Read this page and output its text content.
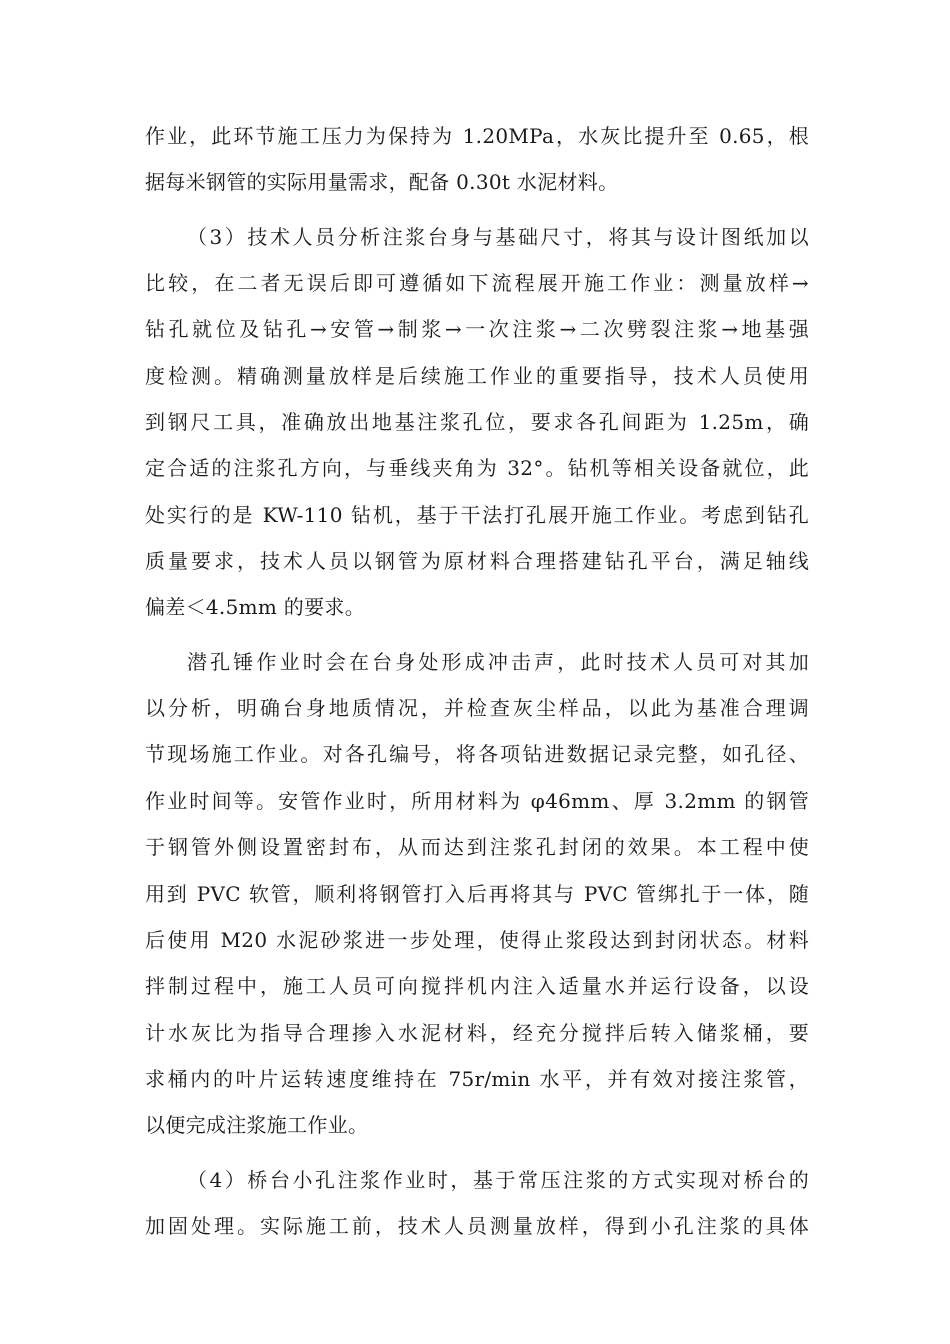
作业，此环节施工压力为保持为 1.20MPa，水灰比提升至 0.65，根
据每米钢管的实际用量需求，配备 0.30t 水泥材料。
（3）技术人员分析注浆台身与基础尺寸，将其与设计图纸加以
比较，在二者无误后即可遵循如下流程展开施工作业：测量放样→
钻孔就位及钻孔→安管→制浆→一次注浆→二次劈裂注浆→地基强
度检测。精确测量放样是后续施工作业的重要指导，技术人员使用
到钢尺工具，准确放出地基注浆孔位，要求各孔间距为 1.25m，确
定合适的注浆孔方向，与垂线夹角为 32°。钻机等相关设备就位，此
处实行的是 KW-110 钻机，基于干法打孔展开施工作业。考虑到钻孔
质量要求，技术人员以钢管为原材料合理搭建钻孔平台，满足轴线
偏差＜4.5mm 的要求。
潜孔锤作业时会在台身处形成冲击声，此时技术人员可对其加
以分析，明确台身地质情况，并检查灰尘样品，以此为基准合理调
节现场施工作业。对各孔编号，将各项钻进数据记录完整，如孔径、
作业时间等。安管作业时，所用材料为 φ46mm、厚 3.2mm 的钢管
于钢管外侧设置密封布，从而达到注浆孔封闭的效果。本工程中使
用到 PVC 软管，顺利将钢管打入后再将其与 PVC 管绑扎于一体，随
后使用 M20 水泥砂浆进一步处理，使得止浆段达到封闭状态。材料
拌制过程中，施工人员可向搅拌机内注入适量水并运行设备，以设
计水灰比为指导合理掺入水泥材料，经充分搅拌后转入储浆桶，要
求桶内的叶片运转速度维持在 75r/min 水平，并有效对接注浆管，
以便完成注浆施工作业。
（4）桥台小孔注浆作业时，基于常压注浆的方式实现对桥台的
加固处理。实际施工前，技术人员测量放样，得到小孔注浆的具体
